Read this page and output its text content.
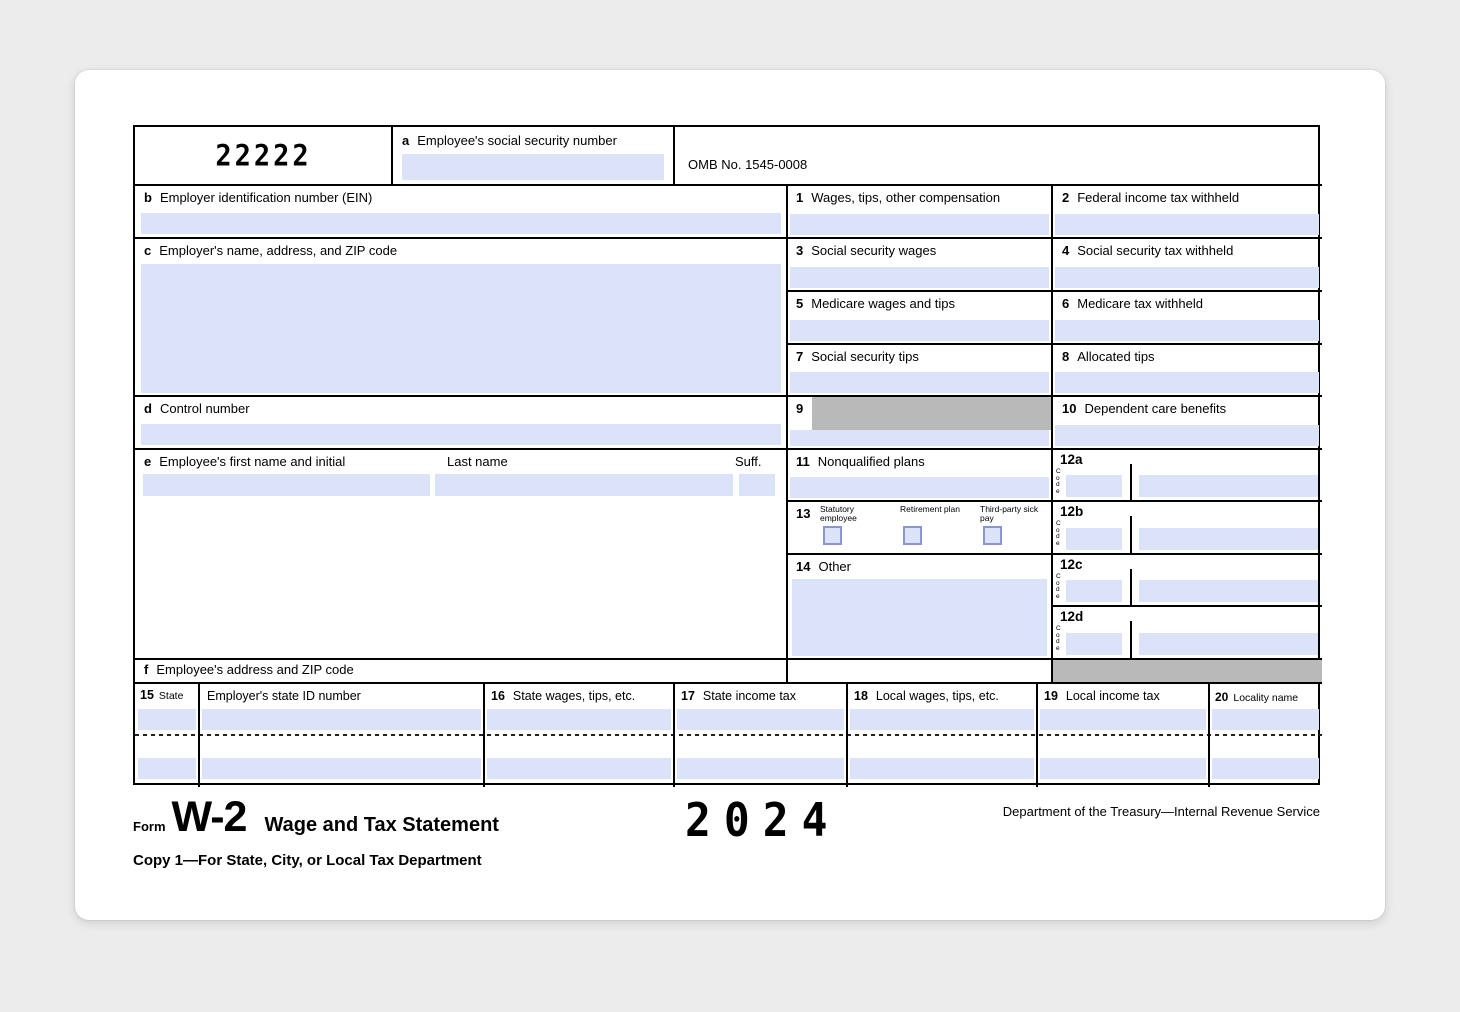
22222	a Employee's social security number
OMB No. 1545-0008
b Employer identification number (EIN)
c Employer's name, address, and ZIP code
d Control number
e Employee's first name and initial	Last name	Suff.
f Employee's address and ZIP code
1 Wages, tips, other compensation
3 Social security wages
5 Medicare wages and tips
7 Social security tips
9
11 Nonqualified plans
13 Statutory employee
Retirement plan	Third-party sick pay
14 Other
2 Federal income tax withheld
4 Social security tax withheld
6 Medicare tax withheld
8 Allocated tips
10 Dependent care benefits
12a
Code
12b
Code
12c
Code
12d
Code
15 State Employer's state ID number	16 State wages, tips, etc.	17 State income tax	18 Local wages, tips, etc.	19 Local income tax	20 Locality name
Form W-2 Wage and Tax Statement	2024	Department of the Treasury—Internal Revenue Service
Copy 1—For State, City, or Local Tax Department
